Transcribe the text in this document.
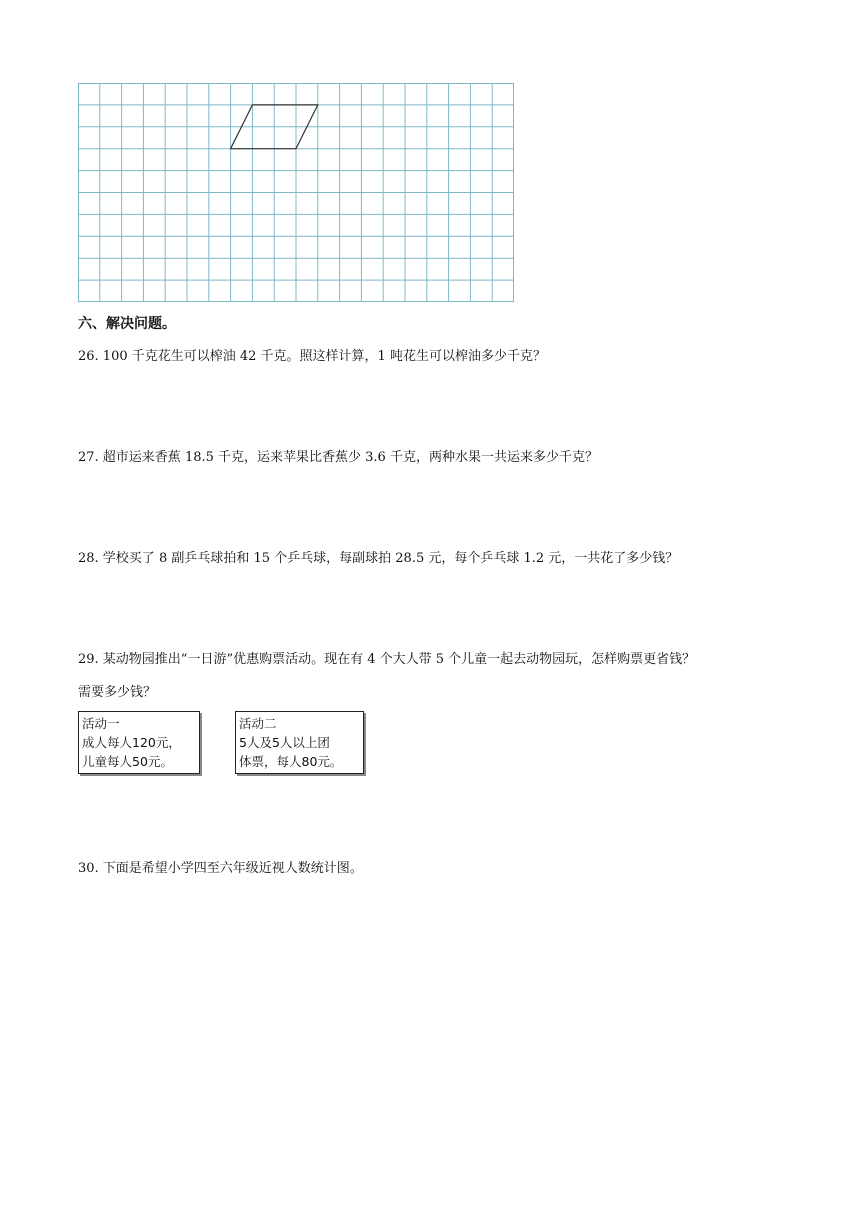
六、解决问题。
26. 100 千克花生可以榨油 42 千克。照这样计算，1 吨花生可以榨油多少千克？
27. 超市运来香蕉 18.5 千克，运来苹果比香蕉少 3.6 千克，两种水果一共运来多少千克？
28. 学校买了 8 副乒乓球拍和 15 个乒乓球，每副球拍 28.5 元，每个乒乓球 1.2 元，一共花了多少钱？
29. 某动物园推出“一日游”优惠购票活动。现在有 4 个大人带 5 个儿童一起去动物园玩，怎样购票更省钱？
需要多少钱？
活动一
成人每人120元，
儿童每人50元。
活动二
5人及5人以上团
体票，每人80元。
30. 下面是希望小学四至六年级近视人数统计图。
